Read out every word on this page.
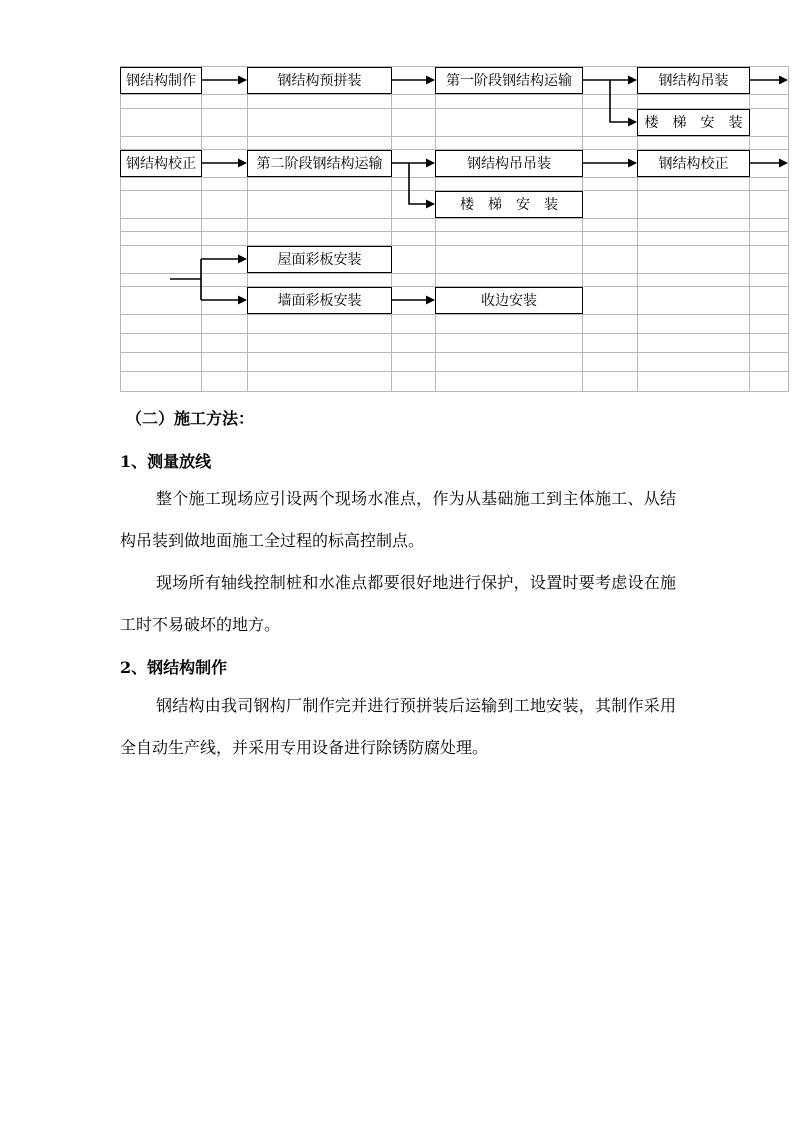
钢结构制作	钢结构预拼装	第一阶段钢结构运输	钢结构吊装
楼　梯　安　装
钢结构校正	第二阶段钢结构运输	钢结构吊吊装	钢结构校正
楼　梯　安　装
屋面彩板安装
墙面彩板安装	收边安装
（二）施工方法：
1、测量放线
整个施工现场应引设两个现场水准点，作为从基础施工到主体施工、从结构吊装到做地面施工全过程的标高控制点。
现场所有轴线控制桩和水准点都要很好地进行保护，设置时要考虑设在施工时不易破坏的地方。
2、钢结构制作
钢结构由我司钢构厂制作完并进行预拼装后运输到工地安装，其制作采用全自动生产线，并采用专用设备进行除锈防腐处理。
